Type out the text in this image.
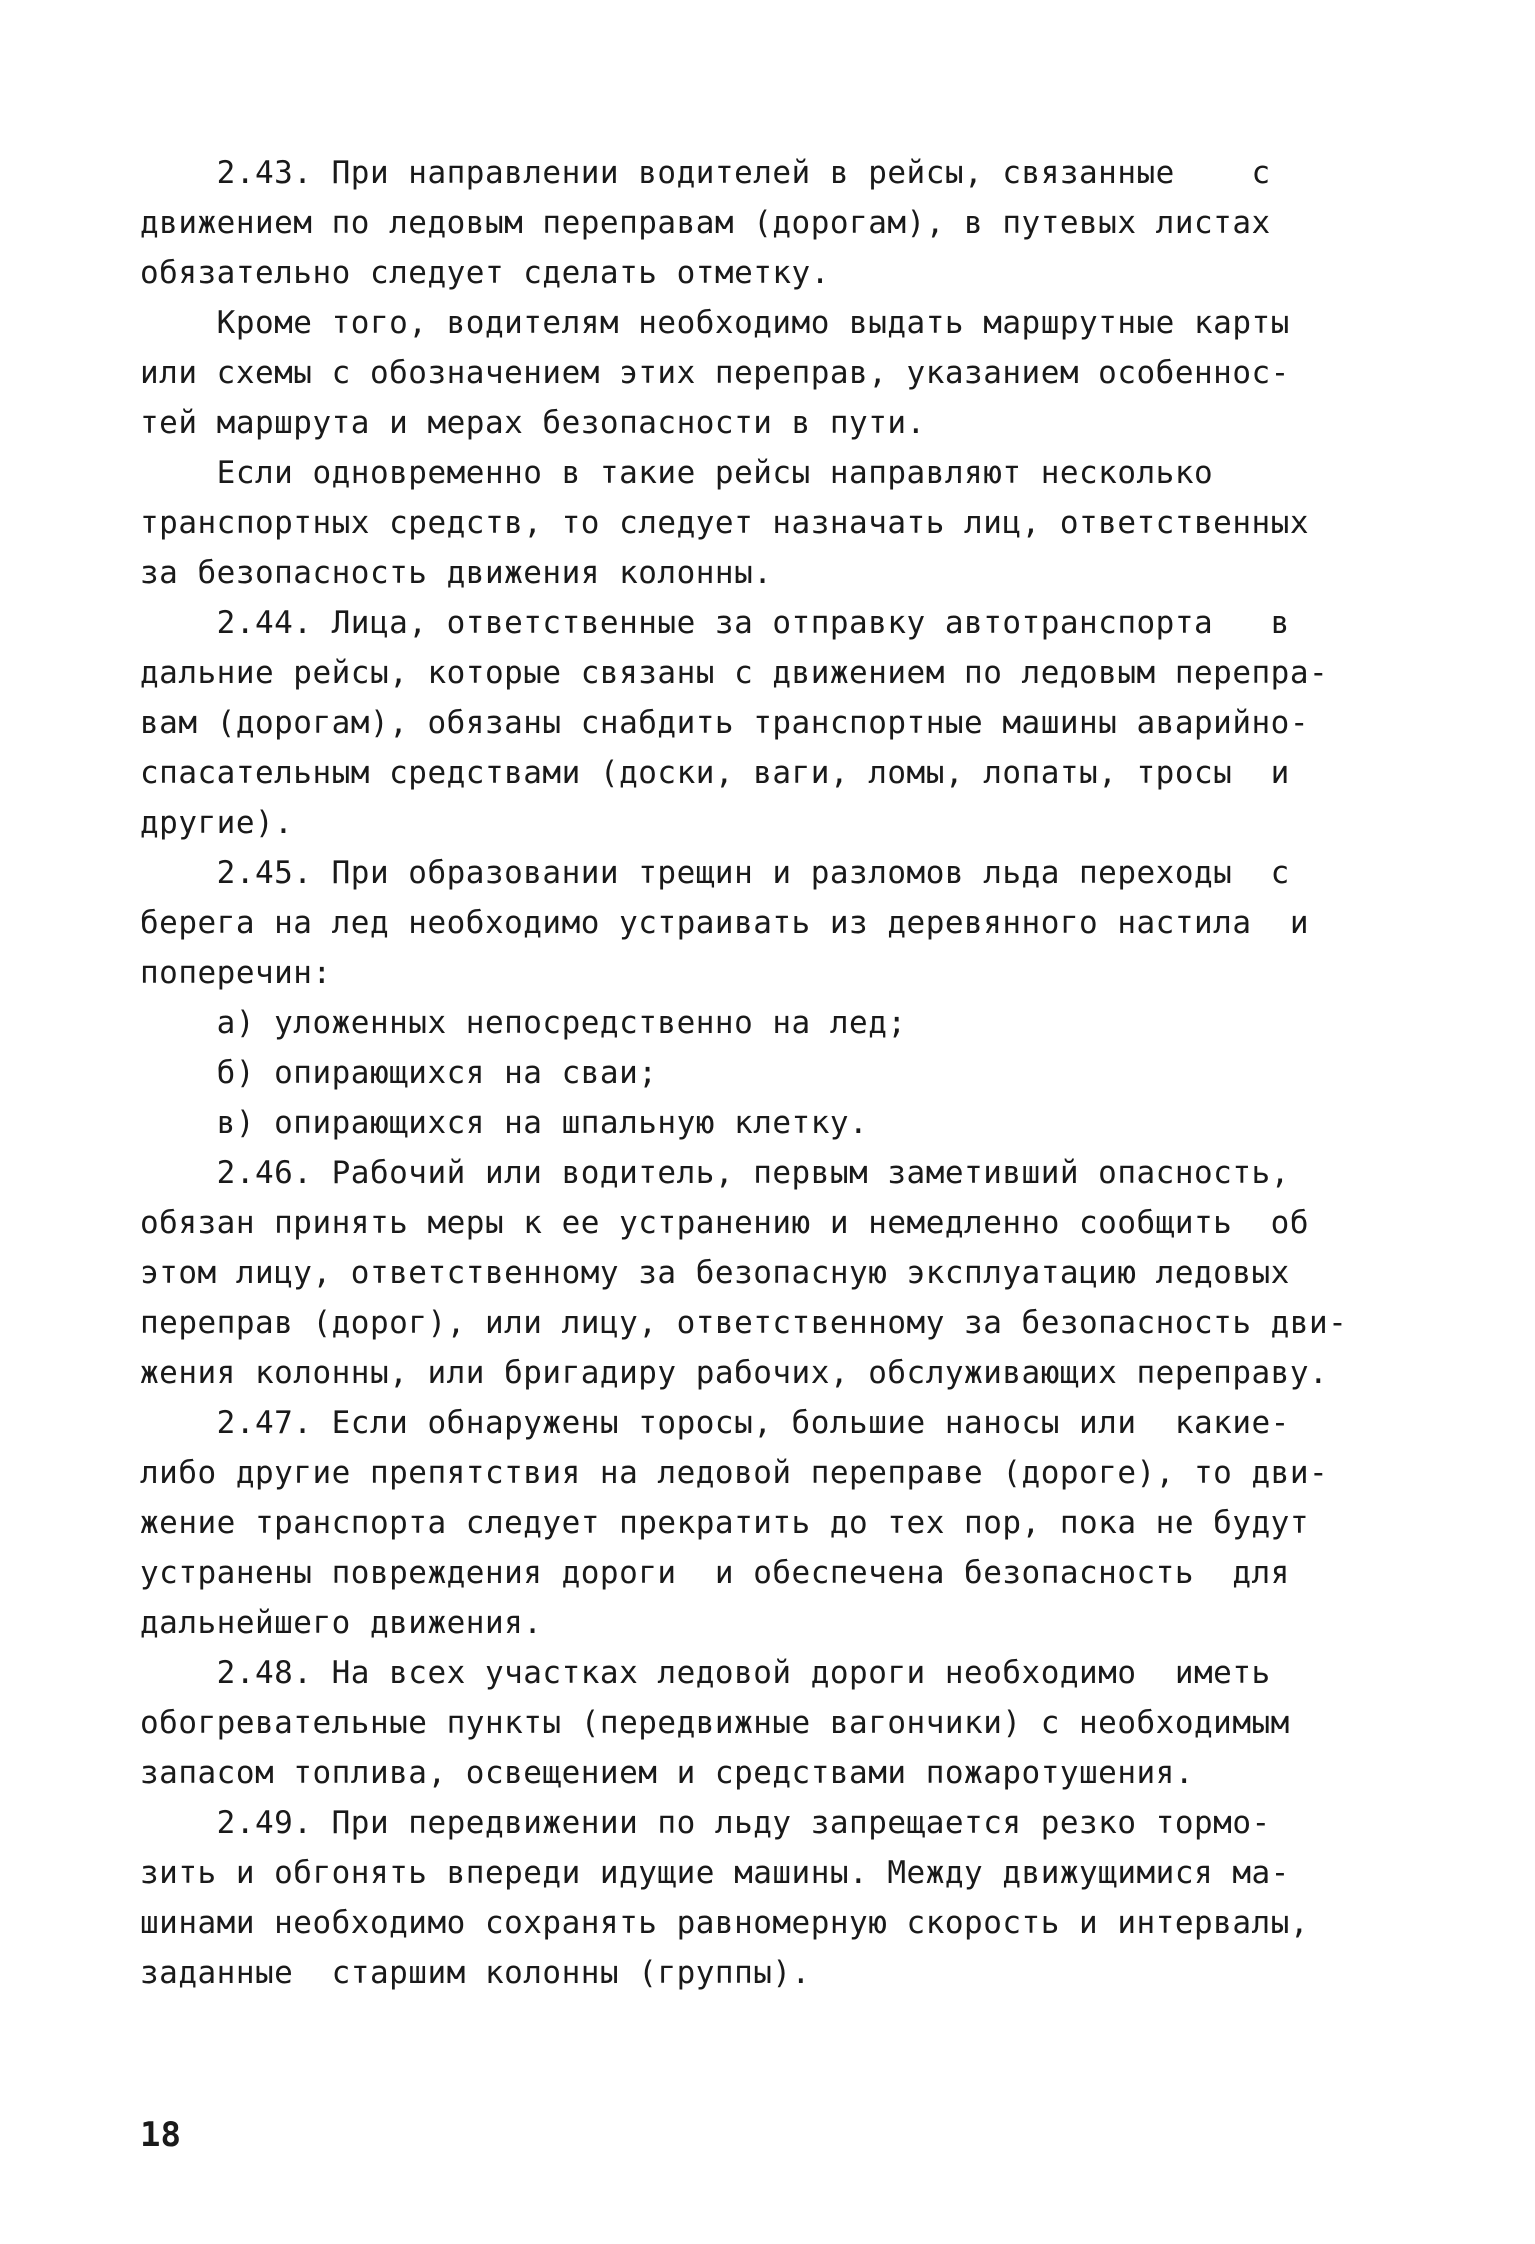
2.43. При направлении водителей в рейсы, связанные    с
движением по ледовым переправам (дорогам), в путевых листах
обязательно следует сделать отметку.

Кроме того, водителям необходимо выдать маршрутные карты
или схемы с обозначением этих переправ, указанием особеннос-
тей маршрута и мерах безопасности в пути.

Если одновременно в такие рейсы направляют несколько
транспортных средств, то следует назначать лиц, ответственных
за безопасность движения колонны.

2.44. Лица, ответственные за отправку автотранспорта   в
дальние рейсы, которые связаны с движением по ледовым перепра-
вам (дорогам), обязаны снабдить транспортные машины аварийно-
спасательным средствами (доски, ваги, ломы, лопаты, тросы  и
другие).

2.45. При образовании трещин и разломов льда переходы  с
берега на лед необходимо устраивать из деревянного настила  и
поперечин:

а) уложенных непосредственно на лед;

б) опирающихся на сваи;

в) опирающихся на шпальную клетку.

2.46. Рабочий или водитель, первым заметивший опасность,
обязан принять меры к ее устранению и немедленно сообщить  об
этом лицу, ответственному за безопасную эксплуатацию ледовых
переправ (дорог), или лицу, ответственному за безопасность дви-
жения колонны, или бригадиру рабочих, обслуживающих переправу.

2.47. Если обнаружены торосы, большие наносы или  какие-
либо другие препятствия на ледовой переправе (дороге), то дви-
жение транспорта следует прекратить до тех пор, пока не будут
устранены повреждения дороги  и обеспечена безопасность  для
дальнейшего движения.

2.48. На всех участках ледовой дороги необходимо  иметь
обогревательные пункты (передвижные вагончики) с необходимым
запасом топлива, освещением и средствами пожаротушения.

2.49. При передвижении по льду запрещается резко тормо-
зить и обгонять впереди идущие машины. Между движущимися ма-
шинами необходимо сохранять равномерную скорость и интервалы,
заданные  старшим колонны (группы).

18
